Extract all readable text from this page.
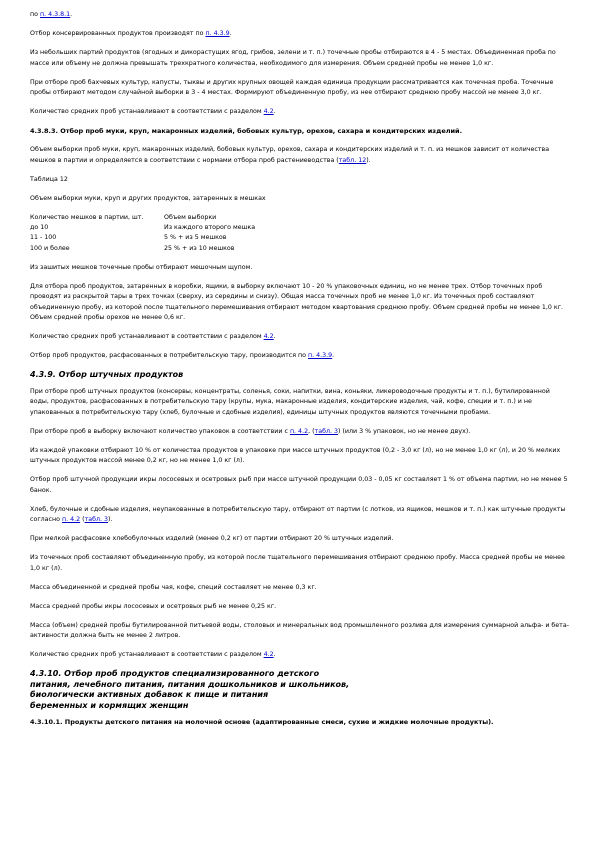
по п. 4.3.8.1.

Отбор консервированных продуктов производят по п. 4.3.9.

Из небольших партий продуктов (ягодных и дикорастущих ягод, грибов, зелени и т. п.) точечные пробы отбираются в 4 - 5 местах. Объединенная проба по массе или объему не должна превышать трехкратного количества, необходимого для измерения. Объем средней пробы не менее 1,0 кг.

При отборе проб бахчевых культур, капусты, тыквы и других крупных овощей каждая единица продукции рассматривается как точечная проба. Точечные пробы отбирают методом случайной выборки в 3 - 4 местах. Формируют объединенную пробу, из нее отбирают среднюю пробу массой не менее 3,0 кг.

Количество средних проб устанавливают в соответствии с разделом 4.2.

4.3.8.3. Отбор проб муки, круп, макаронных изделий, бобовых культур, орехов, сахара и кондитерских изделий.

Объем выборки проб муки, круп, макаронных изделий, бобовых культур, орехов, сахара и кондитерских изделий и т. п. из мешков зависит от количества мешков в партии и определяется в соответствии с нормами отбора проб растениеводства (табл. 12).

Таблица 12

Объем выборки муки, круп и других продуктов, затаренных в мешках

Количество мешков в партии, шт.	Объем выборки
до 10	Из каждого второго мешка
11 - 100	5 % + из 5 мешков
100 и более	25 % + из 10 мешков

Из зашитых мешков точечные пробы отбирают мешочным щупом.

Для отбора проб продуктов, затаренных в коробки, ящики, в выборку включают 10 - 20 % упаковочных единиц, но не менее трех. Отбор точечных проб проводят из раскрытой тары в трех точках (сверху, из середины и снизу). Общая масса точечных проб не менее 1,0 кг. Из точечных проб составляют объединенную пробу, из которой после тщательного перемешивания отбирают методом квартования среднюю пробу. Объем средней пробы не менее 1,0 кг. Объем средней пробы орехов не менее 0,6 кг.

Количество средних проб устанавливают в соответствии с разделом 4.2.

Отбор проб продуктов, расфасованных в потребительскую тару, производится по п. 4.3.9.

4.3.9. Отбор штучных продуктов

При отборе проб штучных продуктов (консервы, концентраты, соленья, соки, напитки, вина, коньяки, ликероводочные продукты и т. п.), бутилированной воды, продуктов, расфасованных в потребительскую тару (крупы, мука, макаронные изделия, кондитерские изделия, чай, кофе, специи и т. п.) и не упакованных в потребительскую тару (хлеб, булочные и сдобные изделия), единицы штучных продуктов являются точечными пробами.

При отборе проб в выборку включают количество упаковок в соответствии с п. 4.2, (табл. 3) (или 3 % упаковок, но не менее двух).

Из каждой упаковки отбирают 10 % от количества продуктов в упаковке при массе штучных продуктов (0,2 - 3,0 кг (л), но не менее 1,0 кг (л), и 20 % мелких штучных продуктов массой менее 0,2 кг, но не менее 1,0 кг (л).

Отбор проб штучной продукции икры лососевых и осетровых рыб при массе штучной продукции 0,03 - 0,05 кг составляет 1 % от объема партии, но не менее 5 банок.

Хлеб, булочные и сдобные изделия, неупакованные в потребительскую тару, отбирают от партии (с лотков, из ящиков, мешков и т. п.) как штучные продукты согласно п. 4.2 (табл. 3).

При мелкой расфасовке хлебобулочных изделий (менее 0,2 кг) от партии отбирают 20 % штучных изделий.

Из точечных проб составляют объединенную пробу, из которой после тщательного перемешивания отбирают среднюю пробу. Масса средней пробы не менее 1,0 кг (л).

Масса объединенной и средней пробы чая, кофе, специй составляет не менее 0,3 кг.

Масса средней пробы икры лососевых и осетровых рыб не менее 0,25 кг.

Масса (объем) средней пробы бутилированной питьевой воды, столовых и минеральных вод промышленного розлива для измерения суммарной альфа- и бета-активности должна быть не менее 2 литров.

Количество средних проб устанавливают в соответствии с разделом 4.2.

4.3.10. Отбор проб продуктов специализированного детского
питания, лечебного питания, питания дошкольников и школьников,
биологически активных добавок к пище и питания
беременных и кормящих женщин

4.3.10.1. Продукты детского питания на молочной основе (адаптированные смеси, сухие и жидкие молочные продукты).
